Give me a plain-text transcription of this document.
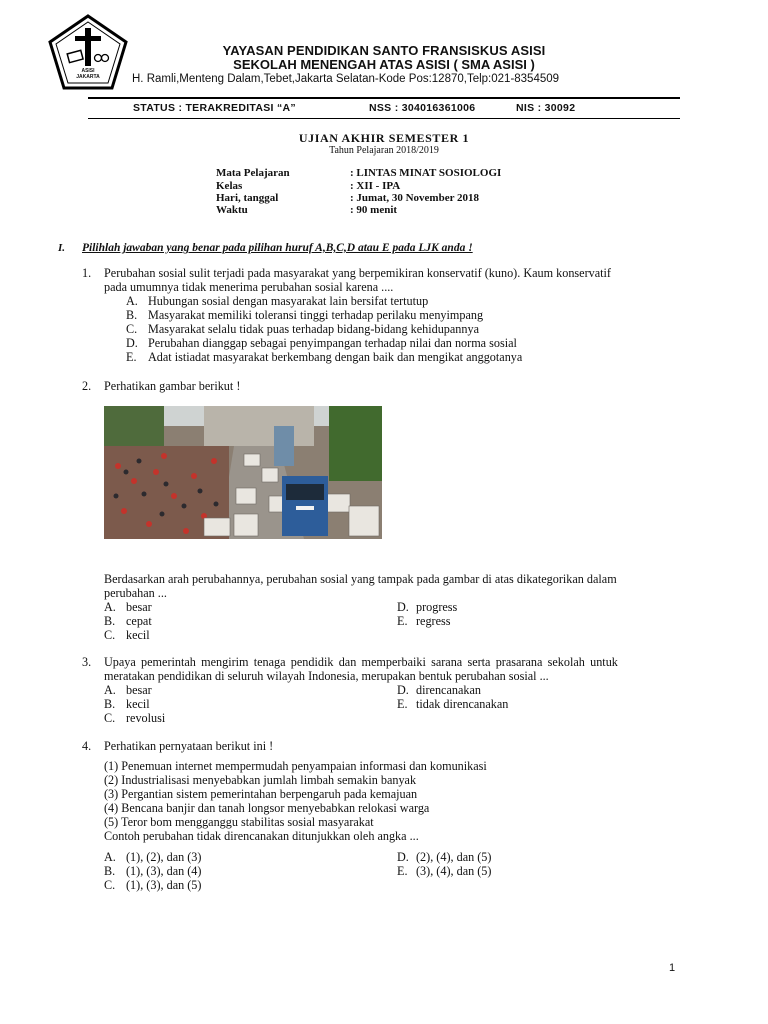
ASISI
JAKARTA
YAYASAN PENDIDIKAN SANTO FRANSISKUS ASISI
SEKOLAH MENENGAH ATAS ASISI ( SMA ASISI )
H. Ramli,Menteng Dalam,Tebet,Jakarta Selatan-Kode Pos:12870,Telp:021-8354509
STATUS : TERAKREDITASI “A”	NSS : 304016361006	NIS : 30092
UJIAN AKHIR SEMESTER 1
Tahun Pelajaran 2018/2019
Mata Pelajaran	: LINTAS MINAT SOSIOLOGI
Kelas	: XII - IPA
Hari, tanggal	: Jumat, 30 November 2018
Waktu	: 90 menit
I. Pilihlah jawaban yang benar pada pilihan huruf A,B,C,D atau E pada LJK anda !
1. Perubahan sosial sulit terjadi pada masyarakat yang berpemikiran konservatif (kuno). Kaum konservatif
pada umumnya tidak menerima perubahan sosial karena ....
A. Hubungan sosial dengan masyarakat lain bersifat tertutup
B. Masyarakat memiliki toleransi tinggi terhadap perilaku menyimpang
C. Masyarakat selalu tidak puas terhadap bidang-bidang kehidupannya
D. Perubahan dianggap sebagai penyimpangan terhadap nilai dan norma sosial
E. Adat istiadat masyarakat berkembang dengan baik dan mengikat anggotanya
2. Perhatikan gambar berikut !
Berdasarkan arah perubahannya, perubahan sosial yang tampak pada gambar di atas dikategorikan dalam
perubahan ...
A. besar
B. cepat
C. kecil
D. progress
E. regress
3. Upaya pemerintah mengirim tenaga pendidik dan memperbaiki sarana serta prasarana sekolah untuk
meratakan pendidikan di seluruh wilayah Indonesia, merupakan bentuk perubahan sosial ...
A. besar
B. kecil
C. revolusi
D. direncanakan
E. tidak direncanakan
4. Perhatikan pernyataan berikut ini !
(1) Penemuan internet mempermudah penyampaian informasi dan komunikasi
(2) Industrialisasi menyebabkan jumlah limbah semakin banyak
(3) Pergantian sistem pemerintahan berpengaruh pada kemajuan
(4) Bencana banjir dan tanah longsor menyebabkan relokasi warga
(5) Teror bom mengganggu stabilitas sosial masyarakat
Contoh perubahan tidak direncanakan ditunjukkan oleh angka ...
A. (1), (2), dan (3)
B. (1), (3), dan (4)
C. (1), (3), dan (5)
D. (2), (4), dan (5)
E. (3), (4), dan (5)
1
